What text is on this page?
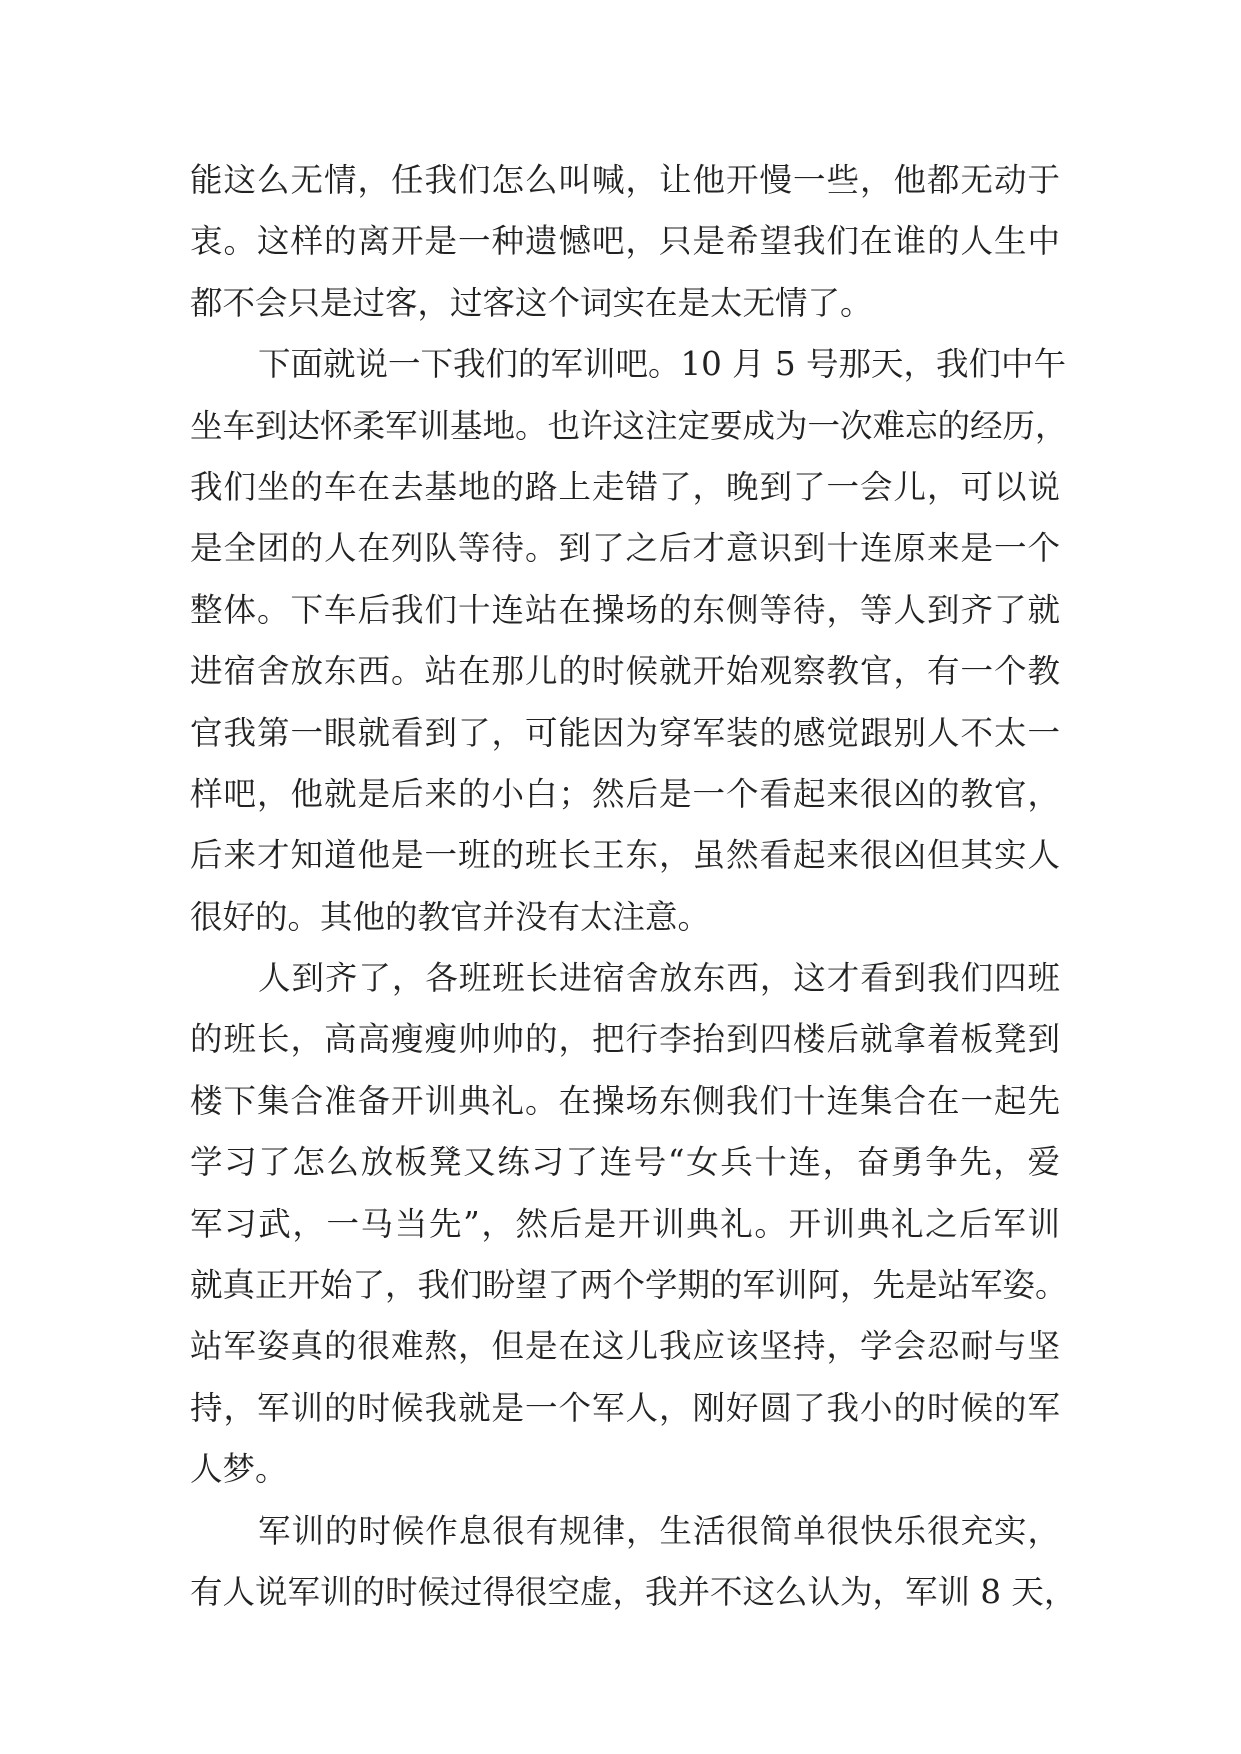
能这么无情，任我们怎么叫喊，让他开慢一些，他都无动于
衷。这样的离开是一种遗憾吧，只是希望我们在谁的人生中
都不会只是过客，过客这个词实在是太无情了。
下面就说一下我们的军训吧。10 月 5 号那天，我们中午
坐车到达怀柔军训基地。也许这注定要成为一次难忘的经历，
我们坐的车在去基地的路上走错了，晚到了一会儿，可以说
是全团的人在列队等待。到了之后才意识到十连原来是一个
整体。下车后我们十连站在操场的东侧等待，等人到齐了就
进宿舍放东西。站在那儿的时候就开始观察教官，有一个教
官我第一眼就看到了，可能因为穿军装的感觉跟别人不太一
样吧，他就是后来的小白；然后是一个看起来很凶的教官，
后来才知道他是一班的班长王东，虽然看起来很凶但其实人
很好的。其他的教官并没有太注意。
人到齐了，各班班长进宿舍放东西，这才看到我们四班
的班长，高高瘦瘦帅帅的，把行李抬到四楼后就拿着板凳到
楼下集合准备开训典礼。在操场东侧我们十连集合在一起先
学习了怎么放板凳又练习了连号“女兵十连，奋勇争先，爱
军习武，一马当先”，然后是开训典礼。开训典礼之后军训
就真正开始了，我们盼望了两个学期的军训阿，先是站军姿。
站军姿真的很难熬，但是在这儿我应该坚持，学会忍耐与坚
持，军训的时候我就是一个军人，刚好圆了我小的时候的军
人梦。
军训的时候作息很有规律，生活很简单很快乐很充实，
有人说军训的时候过得很空虚，我并不这么认为，军训 8 天，
